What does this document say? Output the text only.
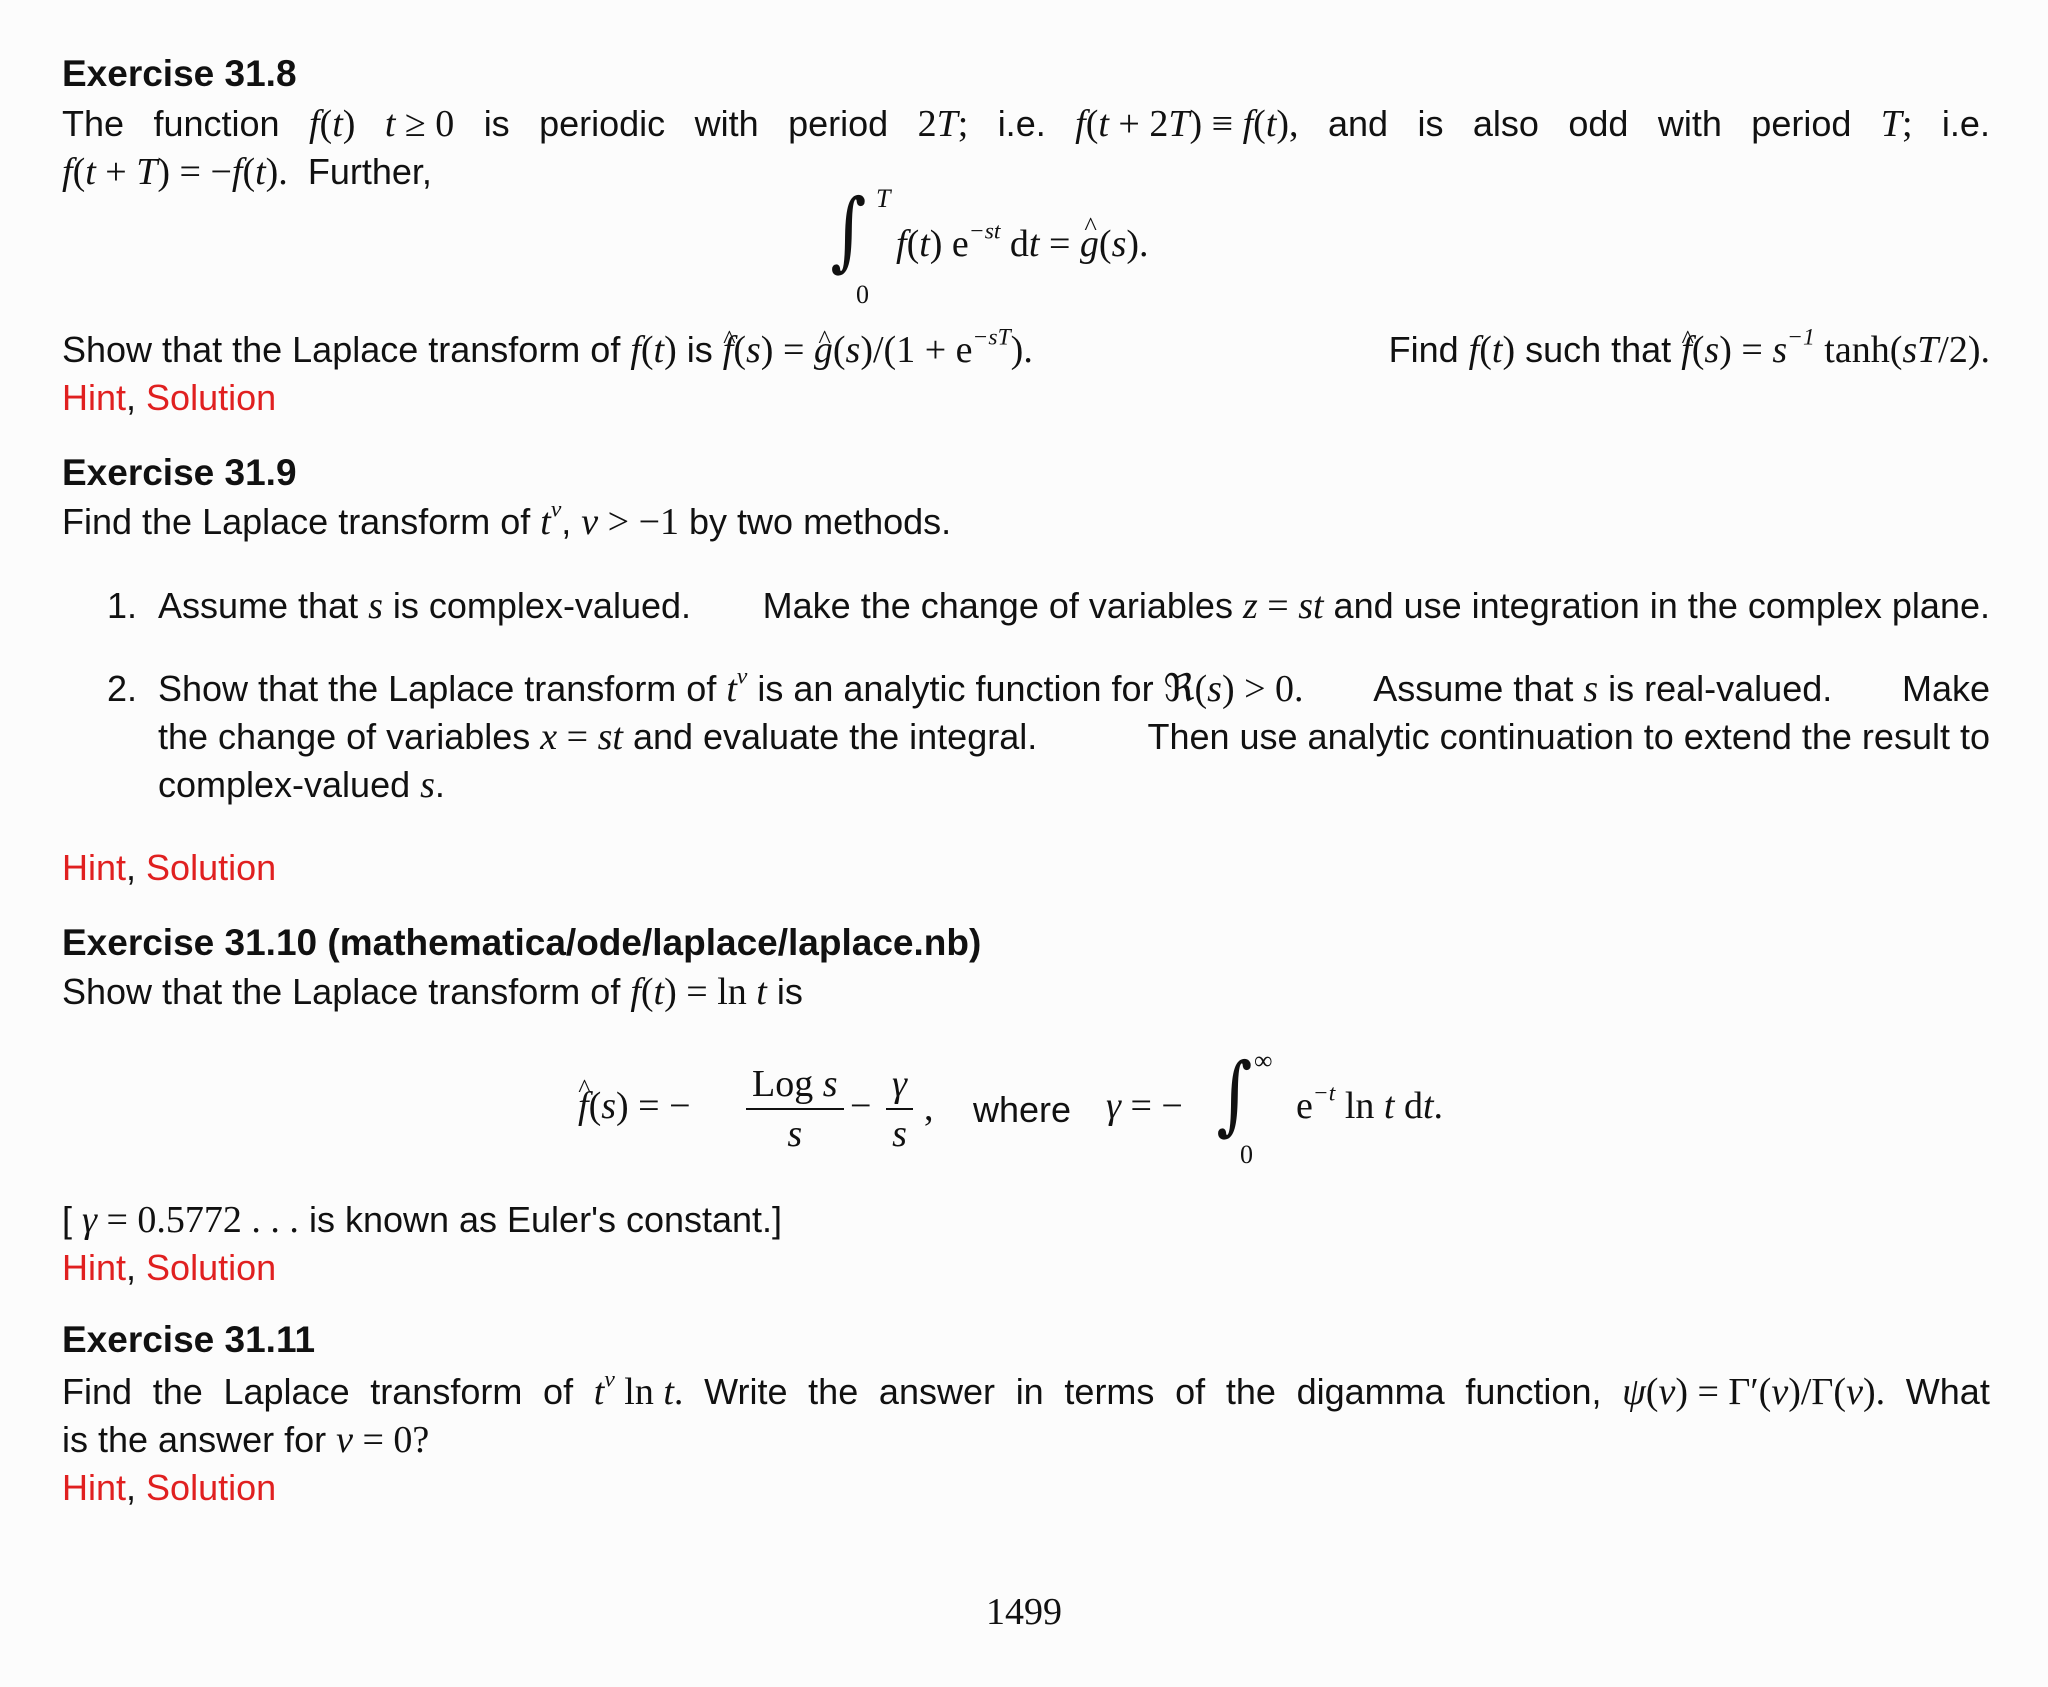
Exercise 31.8
The function f(t) t ≥ 0 is periodic with period 2T; i.e. f(t + 2T) ≡ f(t), and is also odd with period T; i.e.
f(t + T) = −f(t). Further,
∫ T
0
f(t) $e^{-st}$ dt = ^ g(s).
Show that the Laplace transform of f(t) is ^ f(s) = ^ $g(s)/(1 + e^{-sT})$.	Find f(t) such that ^ $f(s) = s^{-1}$ tanh(sT/2).
Hint, Solution
Exercise 31.9
Find the Laplace transform of $t^\nu$, ν > −1 by two methods.
1. Assume that s is complex-valued. Make the change of variables z = st and use integration in the complex plane.
2. Show that the Laplace transform of $t^\nu$ is an analytic function for ℜ(s) > 0. Assume that s is real-valued. Make
the change of variables x = st and evaluate the integral.	Then use analytic continuation to extend the result to
complex-valued s.
Hint, Solution
Exercise 31.10 (mathematica/ode/laplace/laplace.nb)
Show that the Laplace transform of f(t) = ln t is
^ f(s) = −
Log s
s
− $\frac{\gamma}{s}$ , where γ = − ∫ ∞
0
$e^{-t}$ ln t dt.
[ γ = 0.5772 . . . is known as Euler's constant.]
Hint, Solution
Exercise 31.11
Find the Laplace transform of $t^\nu$ ln t. Write the answer in terms of the digamma function, ψ(ν) = Γ′(ν)/Γ(ν). What
is the answer for ν = 0?
Hint, Solution
1499
